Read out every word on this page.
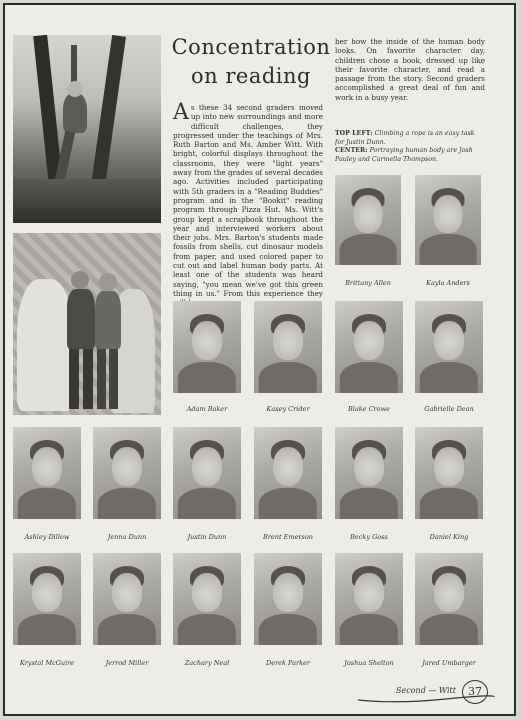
Concentration
on reading
As these 34 second graders moved up into new surroundings and more difficult challenges, they progressed under the teachings of Mrs. Ruth Barton and Ms. Amber Witt. With bright, colorful displays throughout the classrooms, they were "light years" away from the grades of several decades ago. Activities included participating with 5th graders in a "Reading Buddies" program and in the "Bookit" reading program through Pizza Hut. Ms. Witt's group kept a scrapbook throughout the year and interviewed workers about their jobs. Mrs. Barton's students made fossils from shells, cut dinosaur models from paper, and used colored paper to cut out and label human body parts. At least one of the students was heard saying, "you mean we've got this green thing in us." From this experience they
ber how the inside of the human body looks. On favorite character day, children chose a book, dressed up like their favorite character, and read a passage from the story. Second graders accomplished a great deal of fun and work in a busy year.
TOP LEFT: Climbing a rope is an easy task for Justin Dunn.
CENTER: Portraying human body are Josh Pauley and Carmella Thompson.
Brittany Allen	Kayla Anders
Adam Baker	Kasey Crider	Blake Crowe	Gabrielle Dean
Ashley Dillow	Jenna Dunn	Justin Dunn	Brent Emerson	Becky Goss	Daniel King
Krystal McGuire	Jerrod Miller	Zachary Neal	Derek Parker	Joshua Shelton	Jared Umbarger
Second — Witt	37
